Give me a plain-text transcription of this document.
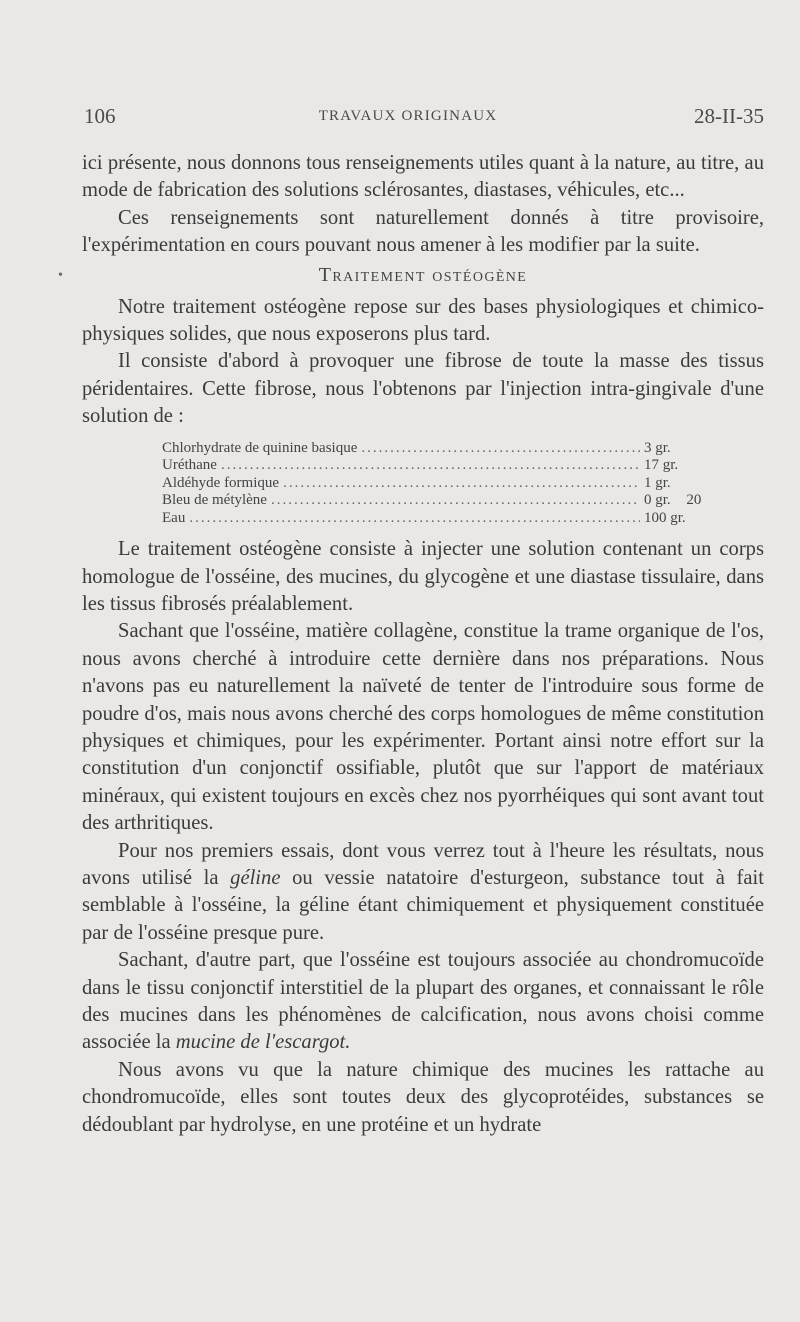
106	TRAVAUX ORIGINAUX	28-II-35
•

ici présente, nous donnons tous renseignements utiles quant à la nature, au titre, au mode de fabrication des solutions sclérosantes, diastases, véhicules, etc...

Ces renseignements sont naturellement donnés à titre provisoire, l'expérimentation en cours pouvant nous amener à les modifier par la suite.

Traitement ostéogène

Notre traitement ostéogène repose sur des bases physiologiques et chimico-physiques solides, que nous exposerons plus tard.

Il consiste d'abord à provoquer une fibrose de toute la masse des tissus péridentaires. Cette fibrose, nous l'obtenons par l'injection intra-gingivale d'une solution de :

Chlorhydrate de quinine basique .....	3 gr.
Uréthane .....	17 gr.
Aldéhyde formique .....	1 gr.
Bleu de métylène .....	0 gr. 20
Eau .....	100 gr.

Le traitement ostéogène consiste à injecter une solution contenant un corps homologue de l'osséine, des mucines, du glycogène et une diastase tissulaire, dans les tissus fibrosés préalablement.

Sachant que l'osséine, matière collagène, constitue la trame organique de l'os, nous avons cherché à introduire cette dernière dans nos préparations. Nous n'avons pas eu naturellement la naïveté de tenter de l'introduire sous forme de poudre d'os, mais nous avons cherché des corps homologues de même constitution physiques et chimiques, pour les expérimenter. Portant ainsi notre effort sur la constitution d'un conjonctif ossifiable, plutôt que sur l'apport de matériaux minéraux, qui existent toujours en excès chez nos pyorrhéiques qui sont avant tout des arthritiques.

Pour nos premiers essais, dont vous verrez tout à l'heure les résultats, nous avons utilisé la géline ou vessie natatoire d'esturgeon, substance tout à fait semblable à l'osséine, la géline étant chimiquement et physiquement constituée par de l'osséine presque pure.

Sachant, d'autre part, que l'osséine est toujours associée au chondromucoïde dans le tissu conjonctif interstitiel de la plupart des organes, et connaissant le rôle des mucines dans les phénomènes de calcification, nous avons choisi comme associée la mucine de l'escargot.

Nous avons vu que la nature chimique des mucines les rattache au chondromucoïde, elles sont toutes deux des glycoprotéides, substances se dédoublant par hydrolyse, en une protéine et un hydrate
